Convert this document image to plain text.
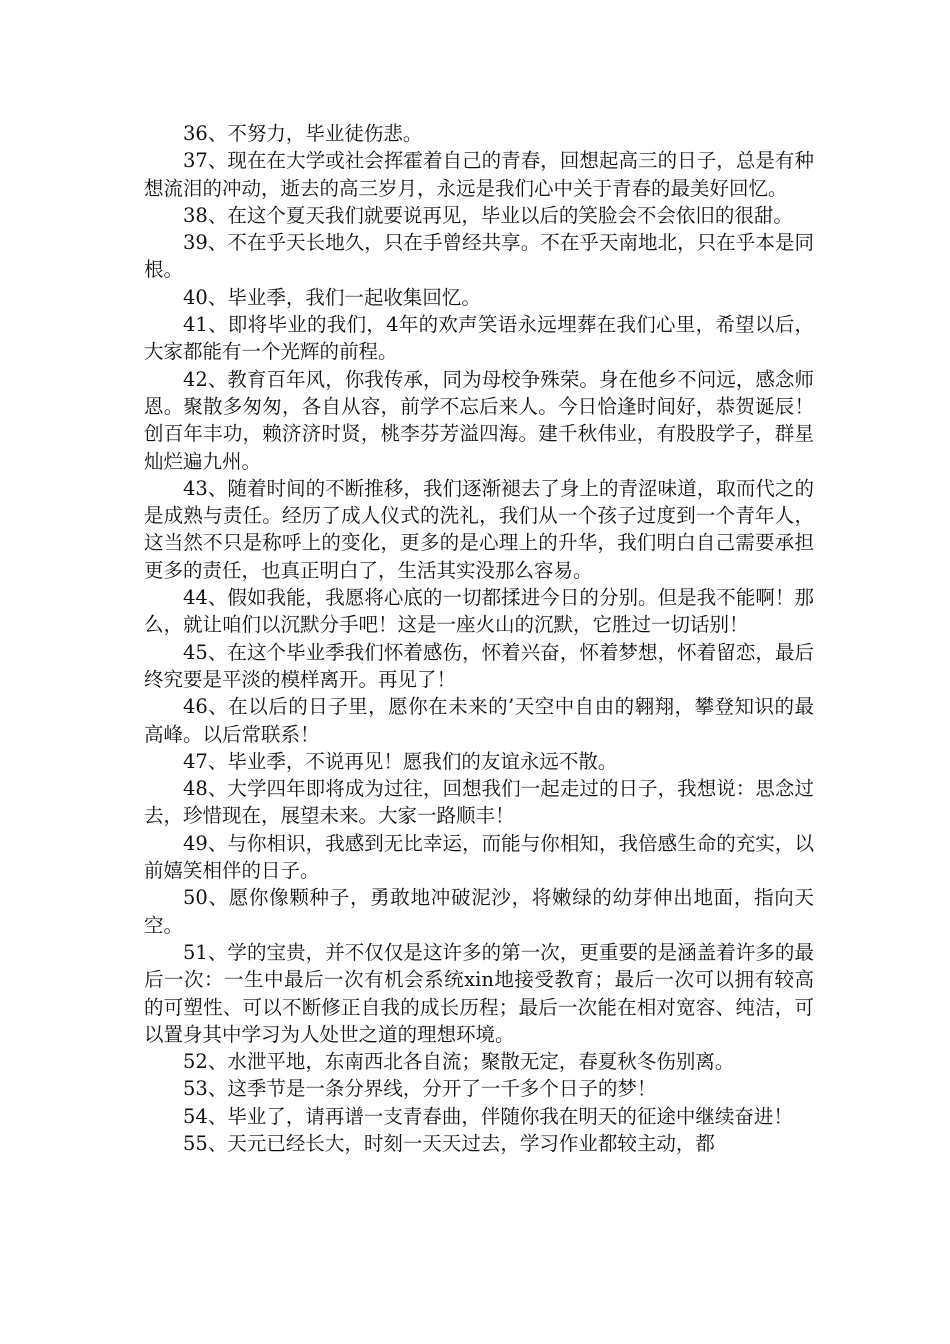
36、不努力，毕业徒伤悲。

37、现在在大学或社会挥霍着自己的青春，回想起高三的日子，总是有种想流泪的冲动，逝去的高三岁月，永远是我们心中关于青春的最美好回忆。

38、在这个夏天我们就要说再见，毕业以后的笑脸会不会依旧的很甜。

39、不在乎天长地久，只在手曾经共享。不在乎天南地北，只在乎本是同根。

40、毕业季，我们一起收集回忆。

41、即将毕业的我们，4年的欢声笑语永远埋葬在我们心里，希望以后，大家都能有一个光辉的前程。

42、教育百年风，你我传承，同为母校争殊荣。身在他乡不问远，感念师恩。聚散多匆匆，各自从容，前学不忘后来人。今日恰逢时间好，恭贺诞辰！创百年丰功，赖济济时贤，桃李芬芳溢四海。建千秋伟业，有股股学子，群星灿烂遍九州。

43、随着时间的不断推移，我们逐渐褪去了身上的青涩味道，取而代之的是成熟与责任。经历了成人仪式的洗礼，我们从一个孩子过度到一个青年人，这当然不只是称呼上的变化，更多的是心理上的升华，我们明白自己需要承担更多的责任，也真正明白了，生活其实没那么容易。

44、假如我能，我愿将心底的一切都揉进今日的分别。但是我不能啊！那么，就让咱们以沉默分手吧！这是一座火山的沉默，它胜过一切话别！

45、在这个毕业季我们怀着感伤，怀着兴奋，怀着梦想，怀着留恋，最后终究要是平淡的模样离开。再见了！

46、在以后的日子里，愿你在未来的’天空中自由的翱翔，攀登知识的最高峰。以后常联系！

47、毕业季，不说再见！愿我们的友谊永远不散。

48、大学四年即将成为过往，回想我们一起走过的日子，我想说：思念过去，珍惜现在，展望未来。大家一路顺丰！

49、与你相识，我感到无比幸运，而能与你相知，我倍感生命的充实，以前嬉笑相伴的日子。

50、愿你像颗种子，勇敢地冲破泥沙，将嫩绿的幼芽伸出地面，指向天空。

51、学的宝贵，并不仅仅是这许多的第一次，更重要的是涵盖着许多的最后一次：一生中最后一次有机会系统xin地接受教育；最后一次可以拥有较高的可塑性、可以不断修正自我的成长历程；最后一次能在相对宽容、纯洁，可以置身其中学习为人处世之道的理想环境。

52、水泄平地，东南西北各自流；聚散无定，春夏秋冬伤别离。

53、这季节是一条分界线，分开了一千多个日子的梦！

54、毕业了，请再谱一支青春曲，伴随你我在明天的征途中继续奋进！

55、天元已经长大，时刻一天天过去，学习作业都较主动，都
